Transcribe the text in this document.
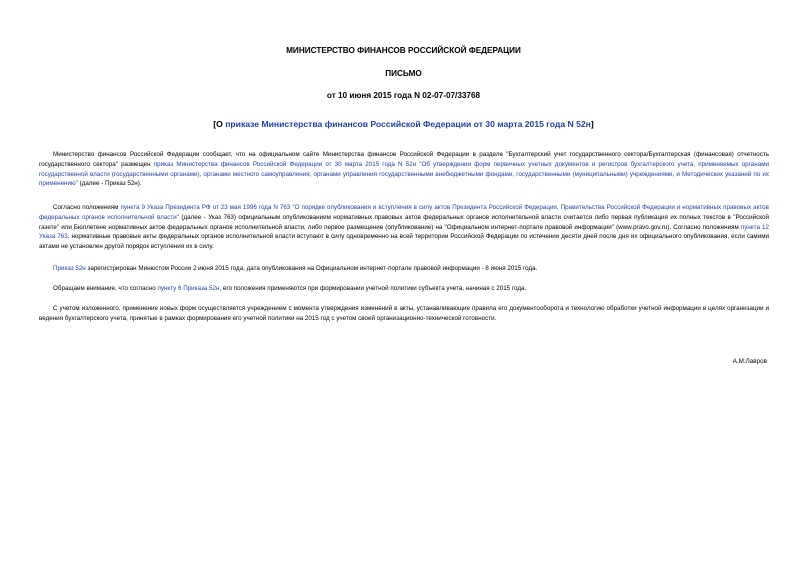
МИНИСТЕРСТВО ФИНАНСОВ РОССИЙСКОЙ ФЕДЕРАЦИИ
ПИСЬМО
от 10 июня 2015 года N 02-07-07/33768
[О приказе Министерства финансов Российской Федерации от 30 марта 2015 года N 52н]

Министерство финансов Российской Федерации сообщает, что на официальном сайте Министерства финансов Российской Федерации в разделе "Бухгалтерский учет государственного сектора/Бухгалтерская (финансовая) отчетность государственного сектора" размещен приказ Министерства финансов Российской Федерации от 30 марта 2015 года N 52н "Об утверждении форм первичных учетных документов и регистров бухгалтерского учета, применяемых органами государственной власти (государственными органами), органами местного самоуправления, органами управления государственными внебюджетными фондами, государственными (муниципальными) учреждениями, и Методических указаний по их применению" (далее - Приказ 52н).

Согласно положениям пункта 9 Указа Президента РФ от 23 мая 1996 года N 763 "О порядке опубликования и вступления в силу актов Президента Российской Федерации, Правительства Российской Федерации и нормативных правовых актов федеральных органов исполнительной власти" (далее - Указ 763) официальным опубликованием нормативных правовых актов федеральных органов исполнительной власти считается либо первая публикация их полных текстов в "Российской газете" или Бюллетене нормативных актов федеральных органов исполнительной власти, либо первое размещение (опубликование) на "Официальном интернет-портале правовой информации" (www.pravo.gov.ru). Согласно положениям пункта 12 Указа 763, нормативные правовые акты федеральных органов исполнительной власти вступают в силу одновременно на всей территории Российской Федерации по истечении десяти дней после дня их официального опубликования, если самими актами не установлен другой порядок вступления их в силу.

Приказ 52н зарегистрирован Минюстом России 2 июня 2015 года, дата опубликования на Официальном интернет-портале правовой информации - 8 июня 2015 года.

Обращаем внимание, что согласно пункту 6 Приказа 52н, его положения применяются при формировании учетной политики субъекта учета, начиная с 2015 года.

С учетом изложенного, применение новых форм осуществляется учреждением с момента утверждения изменений в акты, устанавливающие правила его документооборота и технологию обработки учетной информации в целях организации и ведения бухгалтерского учета, принятые в рамках формирования его учетной политики на 2015 год с учетом своей организационно-технической готовности.

А.М.Лавров
